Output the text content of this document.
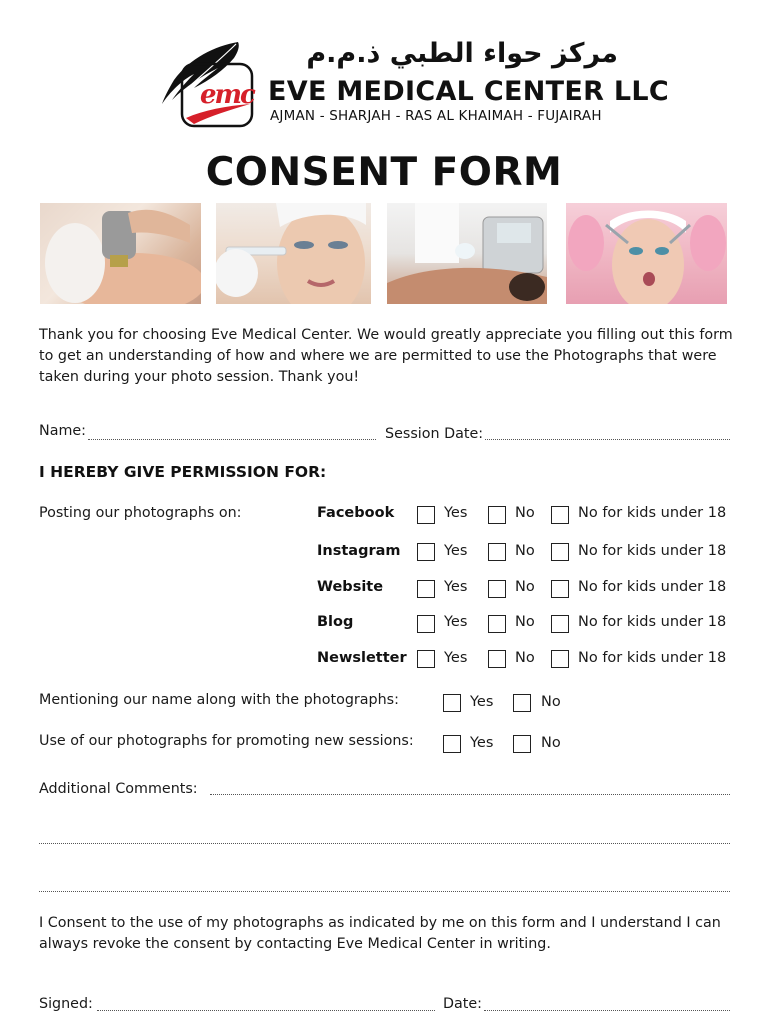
emc
مركز حواء الطبي ذ.م.م
EVE MEDICAL CENTER LLC
AJMAN - SHARJAH - RAS AL KHAIMAH - FUJAIRAH
CONSENT FORM
Thank you for choosing Eve Medical Center. We would greatly appreciate you filling out this form to get an understanding of how and where we are permitted to use the Photographs that were taken during your photo session. Thank you!
Name:	Session Date:
I HEREBY GIVE PERMISSION FOR:
Posting our photographs on:	Facebook	Yes	No	No for kids under 18
Instagram	Yes	No	No for kids under 18
Website	Yes	No	No for kids under 18
Blog	Yes	No	No for kids under 18
Newsletter	Yes	No	No for kids under 18
Mentioning our name along with the photographs:	Yes	No
Use of our photographs for promoting new sessions:	Yes	No
Additional Comments:
I Consent to the use of my photographs as indicated by me on this form and I understand I can always revoke the consent by contacting Eve Medical Center in writing.
Signed:	Date:
